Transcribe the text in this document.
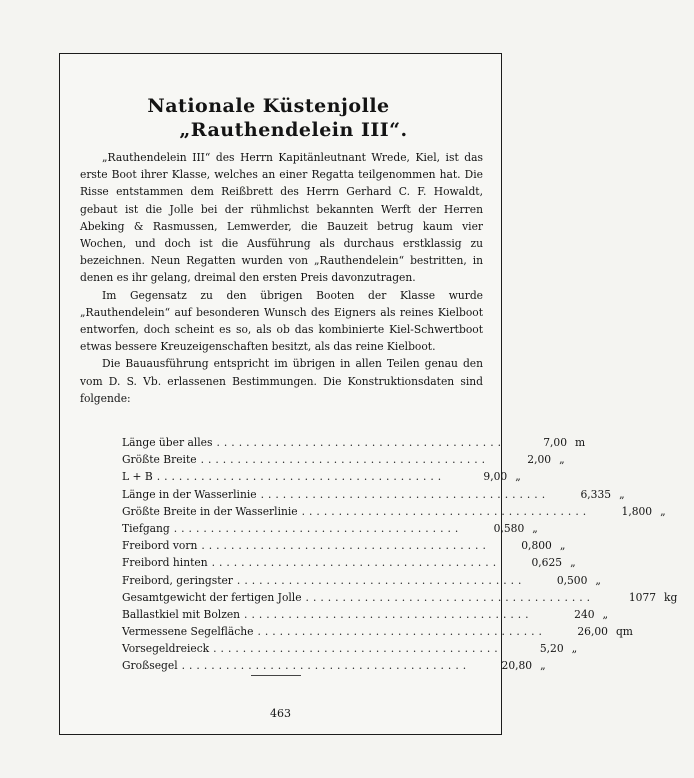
Nationale Küstenjolle
„Rauthendelein III“.

„Rauthendelein III“ des Herrn Kapitänleutnant Wrede, Kiel, ist das erste Boot ihrer Klasse, welches an einer Regatta teilgenommen hat. Die Risse entstammen dem Reißbrett des Herrn Gerhard C. F. Howaldt, gebaut ist die Jolle bei der rühmlichst bekannten Werft der Herren Abeking & Rasmussen, Lemwerder, die Bauzeit betrug kaum vier Wochen, und doch ist die Ausführung als durchaus erstklassig zu bezeichnen. Neun Regatten wurden von „Rauthendelein“ bestritten, in denen es ihr gelang, dreimal den ersten Preis davonzutragen.

Im Gegensatz zu den übrigen Booten der Klasse wurde „Rauthendelein“ auf besonderen Wunsch des Eigners als reines Kielboot entworfen, doch scheint es so, als ob das kombinierte Kiel-Schwertboot etwas bessere Kreuzeigenschaften besitzt, als das reine Kielboot.

Die Bauausführung entspricht im übrigen in allen Teilen genau den vom D. S. Vb. erlassenen Bestimmungen. Die Konstruktionsdaten sind folgende:

Länge über alles .......................................	7,00 m
Größte Breite .......................................	2,00 „
L + B .......................................	9,00 „
Länge in der Wasserlinie .......................................	6,335 „
Größte Breite in der Wasserlinie .......................................	1,800 „
Tiefgang .......................................	0,580 „
Freibord vorn .......................................	0,800 „
Freibord hinten .......................................	0,625 „
Freibord, geringster .......................................	0,500 „
Gesamtgewicht der fertigen Jolle .......................................	1077 kg
Ballastkiel mit Bolzen .......................................	240 „
Vermessene Segelfläche .......................................	26,00 qm
Vorsegeldreieck .......................................	5,20 „
Großsegel .......................................	20,80 „
463
